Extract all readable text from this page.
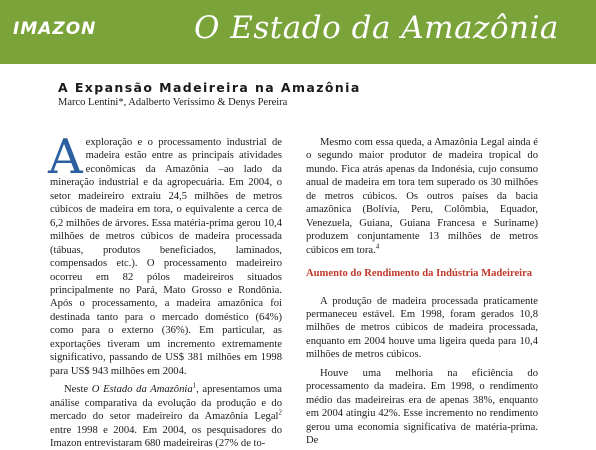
IMAZON	O Estado da Amazônia
A Expansão Madeireira na Amazônia
Marco Lentini*, Adalberto Veríssimo & Denys Pereira

Aexploração e o processamento industrial de madeira estão entre as principais atividades econômicas da Amazônia –ao lado da mineração industrial e da agropecuária. Em 2004, o setor madeireiro extraiu 24,5 milhões de metros cúbicos de madeira em tora, o equivalente a cerca de 6,2 milhões de árvores. Essa matéria-prima gerou 10,4 milhões de metros cúbicos de madeira processada (tábuas, produtos beneficiados, laminados, compensados etc.). O processamento madeireiro ocorreu em 82 pólos madeireiros situados principalmente no Pará, Mato Grosso e Rondônia. Após o processamento, a madeira amazônica foi destinada tanto para o mercado doméstico (64%) como para o externo (36%). Em particular, as exportações tiveram um incremento extremamente significativo, passando de US$ 381 milhões em 1998 para US$ 943 milhões em 2004.

Neste O Estado da Amazônia$^1$, apresentamos uma análise comparativa da evolução da produção e do mercado do setor madeireiro da Amazônia Legal$^2$ entre 1998 e 2004. Em 2004, os pesquisadores do Imazon entrevistaram 680 madeireiras (27% de to-

Mesmo com essa queda, a Amazônia Legal ainda é o segundo maior produtor de madeira tropical do mundo. Fica atrás apenas da Indonésia, cujo consumo anual de madeira em tora tem superado os 30 milhões de metros cúbicos. Os outros países da bacia amazônica (Bolívia, Peru, Colômbia, Equador, Venezuela, Guiana, Guiana Francesa e Suriname) produzem conjuntamente 13 milhões de metros cúbicos em tora.$^4$

Aumento do Rendimento da Indústria Madeireira

A produção de madeira processada praticamente permaneceu estável. Em 1998, foram gerados 10,8 milhões de metros cúbicos de madeira processada, enquanto em 2004 houve uma ligeira queda para 10,4 milhões de metros cúbicos.

Houve uma melhoria na eficiência do processamento da madeira. Em 1998, o rendimento médio das madeireiras era de apenas 38%, enquanto em 2004 atingiu 42%. Esse incremento no rendimento gerou uma economia significativa de matéria-prima. De
